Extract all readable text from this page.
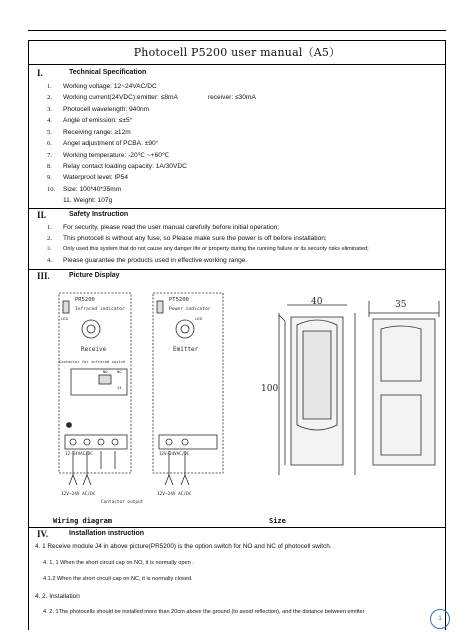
Photocell P5200 user manual（A5）
I.	Technical Specification
1. Working voltage: 12~24VAC/DC
2. Working current(24VDC):emitter: ≤8mA	receiver: ≤30mA
3. Photocell wavelength: 940nm
4. Angle of emission: ≤±5°
5. Receiving range: ≥12m
6. Angel adjustment of PCBA: ±90°
7. Working temperature: -20℃ ~+60℃
8. Relay contact loading capacity: 1A/30VDC
9. Waterproof level: IP54
10. Size: 100*40*35mm
11. Weight: 107g
II.	Safety Instruction
1. For security, please read the user manual carefully before initial operation;
2. This photocell is without any fuse, so Please make sure the power is off before installation;
3. Only used this system that do not cause any danger life or property during the running failure or its security risks eliminated;
4. Please guarantee the products used in effective working range.
III.	Picture Display
PR5200
Infrared indicator
LED
Receive
Contactor for infrared switch
NO NC
J4
12-24VAC/DC
12V~24V AC/DC
Contactor output
PT5200
Power indicator
LED
Emitter
12V~24VAC/DC
12V~24V AC/DC
40	35
100
Wiring diagram	Size
IV.	Installation instruction
4. 1 Receive module J4 in above picture(PR5200) is the option switch for NO and NC of photocell switch.
4. 1. 1 When the short circuit cap on NO, it is normally open .
4.1.2 When the short circuit cap on NC, it is normally closed.
4. 2. Installation
4. 2. 1The photocells should be installed more than 20cm above the ground (to avoid reflection), and the distance between emitter
1
